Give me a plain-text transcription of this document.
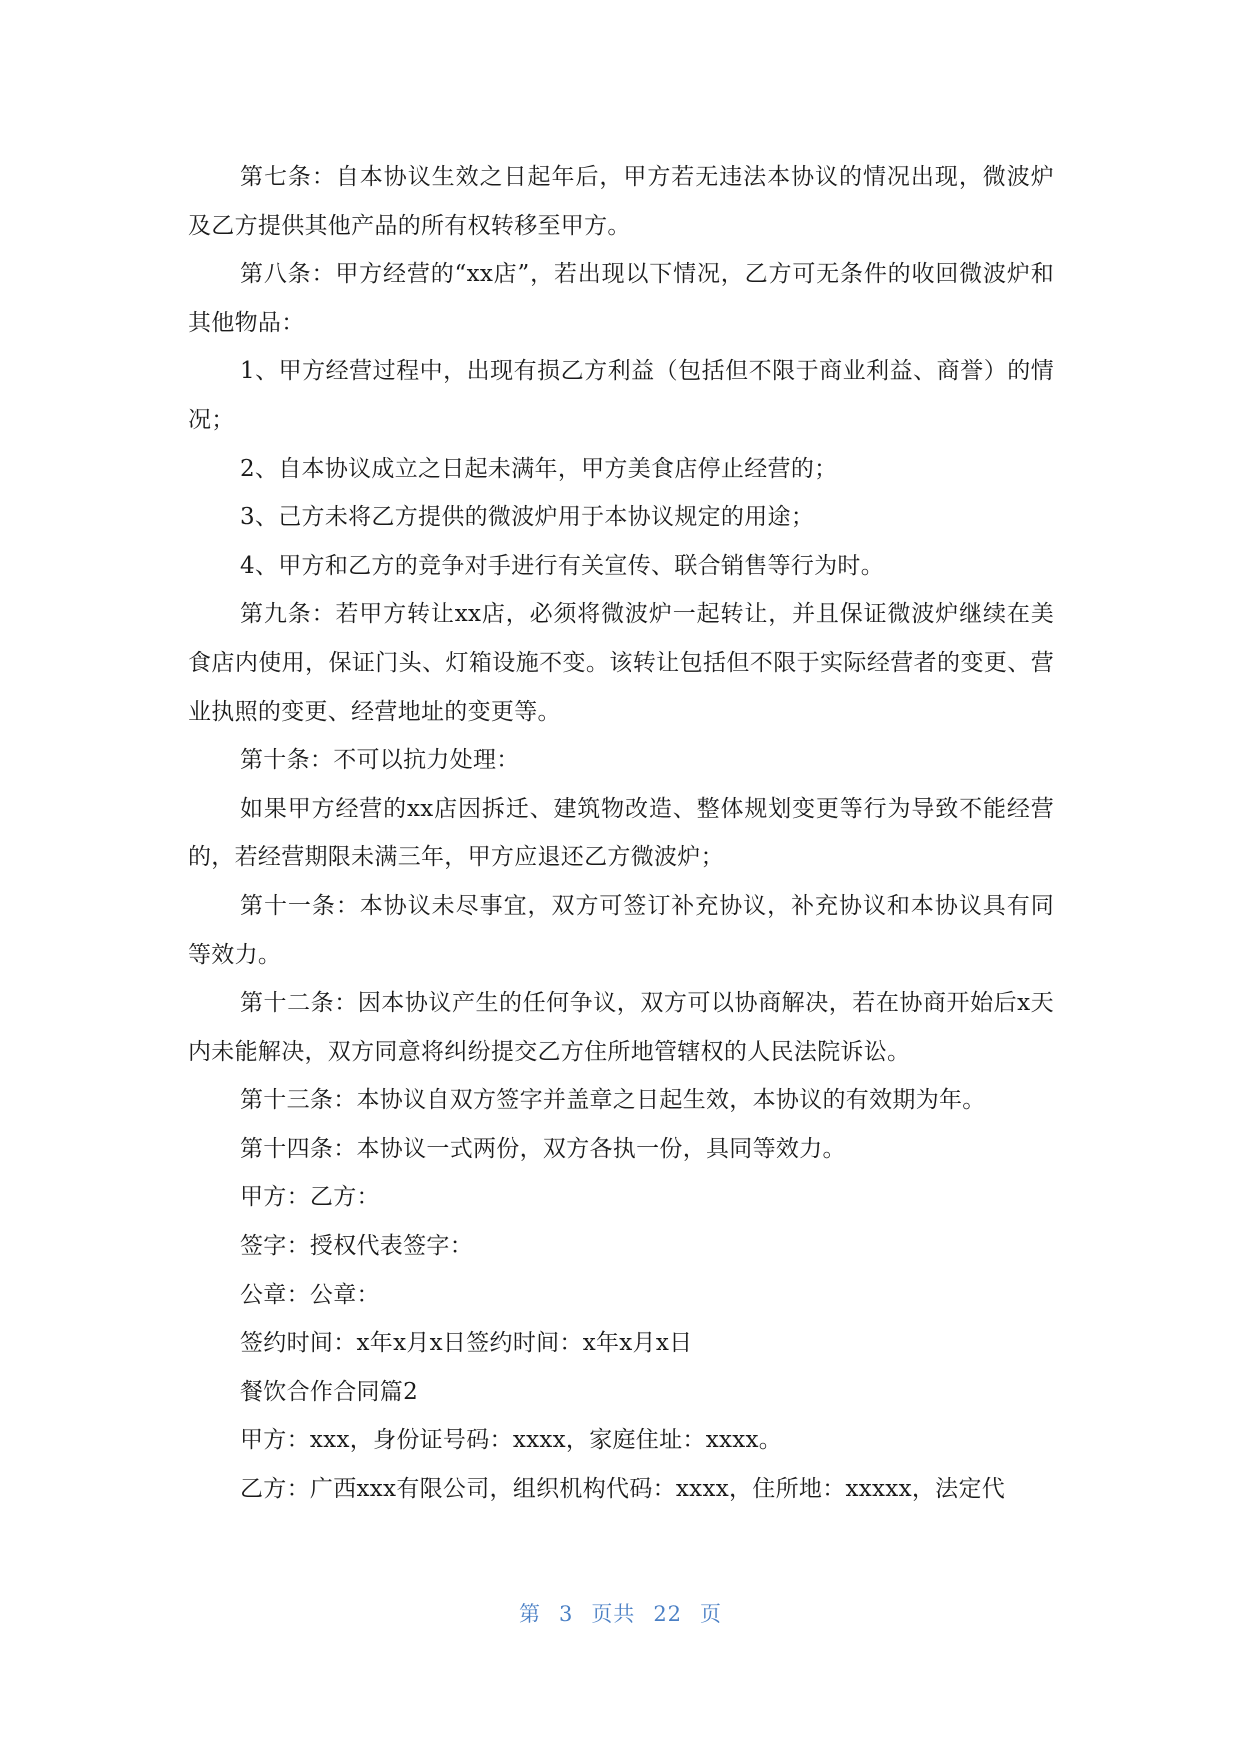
第七条：自本协议生效之日起年后，甲方若无违法本协议的情况出现，微波炉及乙方提供其他产品的所有权转移至甲方。

第八条：甲方经营的“xx店”，若出现以下情况，乙方可无条件的收回微波炉和其他物品：

1、甲方经营过程中，出现有损乙方利益（包括但不限于商业利益、商誉）的情况；

2、自本协议成立之日起未满年，甲方美食店停止经营的；

3、己方未将乙方提供的微波炉用于本协议规定的用途；

4、甲方和乙方的竞争对手进行有关宣传、联合销售等行为时。

第九条：若甲方转让xx店，必须将微波炉一起转让，并且保证微波炉继续在美食店内使用，保证门头、灯箱设施不变。该转让包括但不限于实际经营者的变更、营业执照的变更、经营地址的变更等。

第十条：不可以抗力处理：

如果甲方经营的xx店因拆迁、建筑物改造、整体规划变更等行为导致不能经营的，若经营期限未满三年，甲方应退还乙方微波炉；

第十一条：本协议未尽事宜，双方可签订补充协议，补充协议和本协议具有同等效力。

第十二条：因本协议产生的任何争议，双方可以协商解决，若在协商开始后x天内未能解决，双方同意将纠纷提交乙方住所地管辖权的人民法院诉讼。

第十三条：本协议自双方签字并盖章之日起生效，本协议的有效期为年。

第十四条：本协议一式两份，双方各执一份，具同等效力。

甲方：乙方：

签字：授权代表签字：

公章：公章：

签约时间：x年x月x日签约时间：x年x月x日

餐饮合作合同篇2

甲方：xxx，身份证号码：xxxx，家庭住址：xxxx。

乙方：广西xxx有限公司，组织机构代码：xxxx，住所地：xxxxx，法定代

第 3 页共 22 页
